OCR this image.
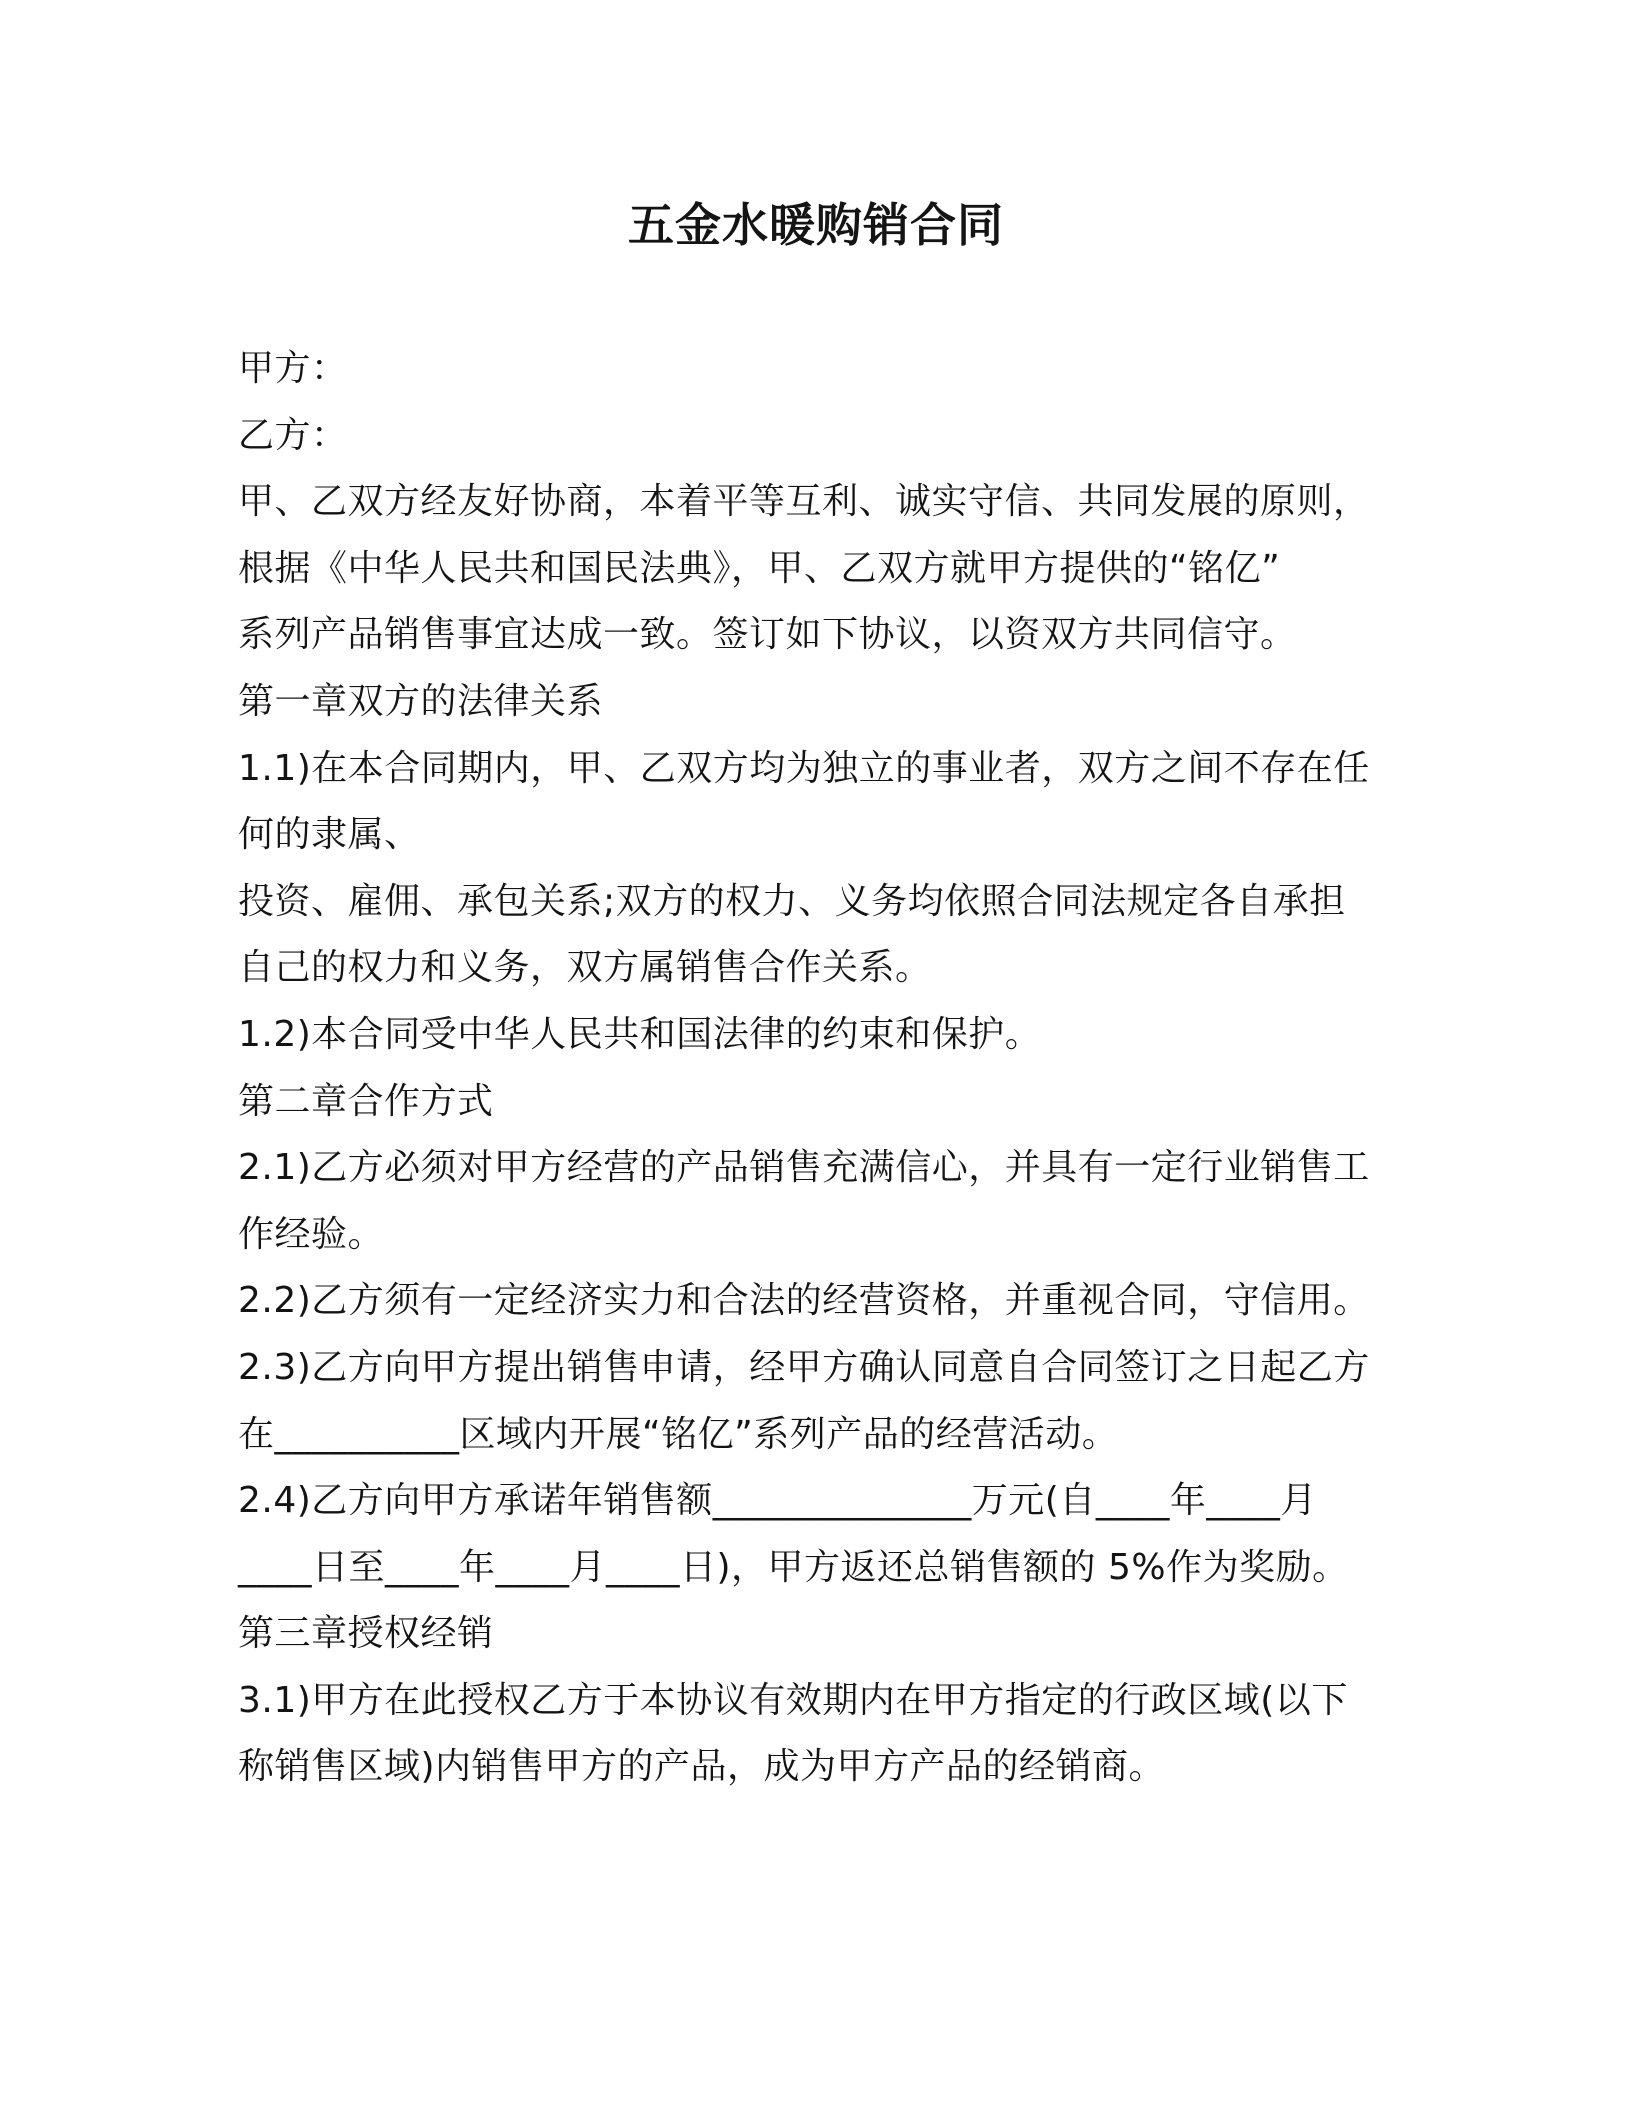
五金水暖购销合同
甲方：
乙方：
甲、乙双方经友好协商，本着平等互利、诚实守信、共同发展的原则，
根据《中华人民共和国民法典》，甲、乙双方就甲方提供的“铭亿”
系列产品销售事宜达成一致。签订如下协议，以资双方共同信守。
第一章双方的法律关系
1.1)在本合同期内，甲、乙双方均为独立的事业者，双方之间不存在任
何的隶属、
投资、雇佣、承包关系;双方的权力、义务均依照合同法规定各自承担
自己的权力和义务，双方属销售合作关系。
1.2)本合同受中华人民共和国法律的约束和保护。
第二章合作方式
2.1)乙方必须对甲方经营的产品销售充满信心，并具有一定行业销售工
作经验。
2.2)乙方须有一定经济实力和合法的经营资格，并重视合同，守信用。
2.3)乙方向甲方提出销售申请，经甲方确认同意自合同签订之日起乙方
在__________区域内开展“铭亿”系列产品的经营活动。
2.4)乙方向甲方承诺年销售额______________万元(自____年____月
____日至____年____月____日)，甲方返还总销售额的 5%作为奖励。
第三章授权经销
3.1)甲方在此授权乙方于本协议有效期内在甲方指定的行政区域(以下
称销售区域)内销售甲方的产品，成为甲方产品的经销商。
